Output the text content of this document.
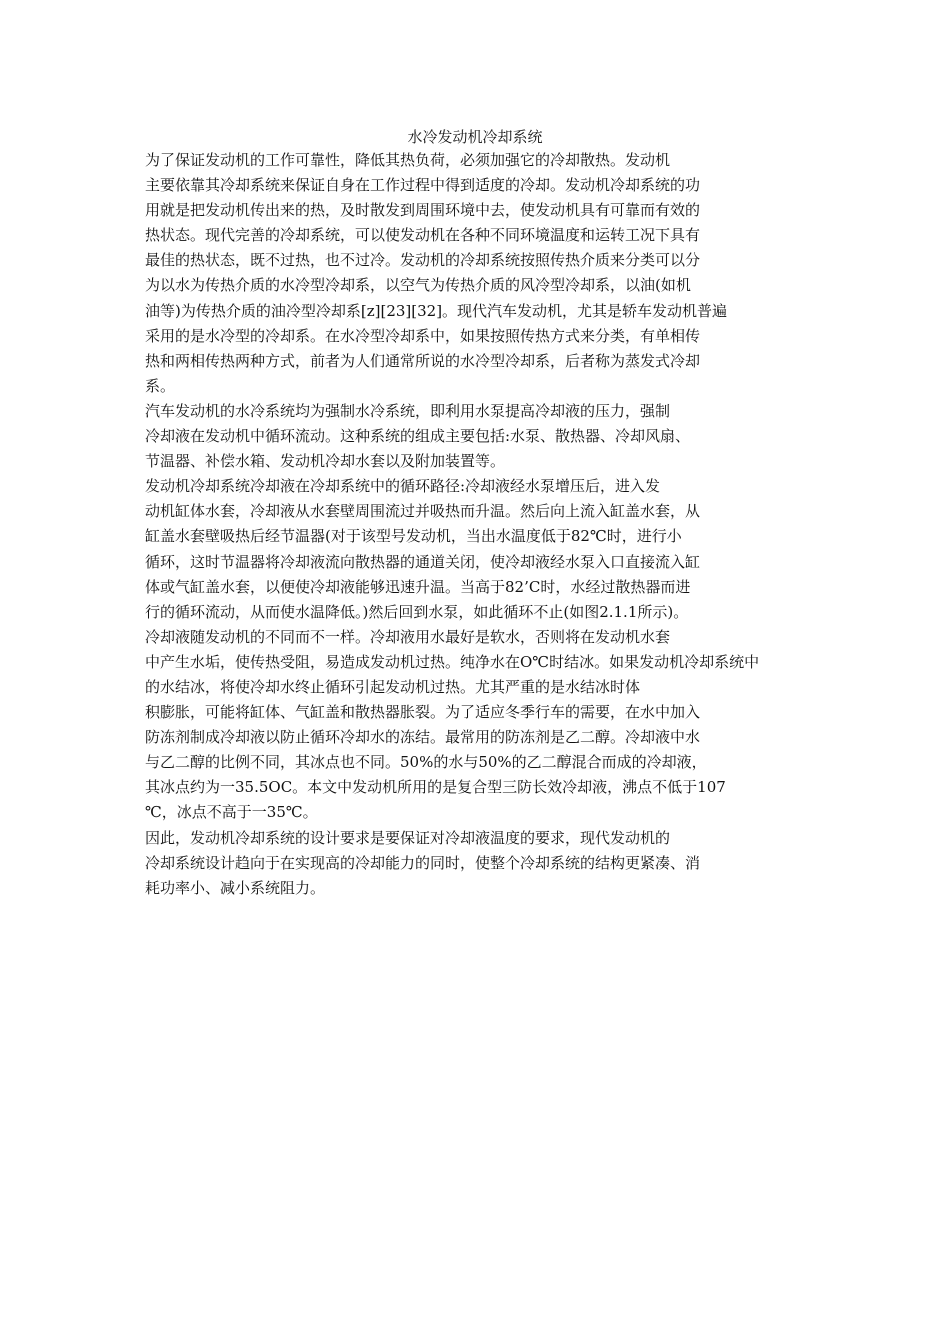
水冷发动机冷却系统
为了保证发动机的工作可靠性，降低其热负荷，必须加强它的冷却散热。发动机
主要依靠其冷却系统来保证自身在工作过程中得到适度的冷却。发动机冷却系统的功
用就是把发动机传出来的热，及时散发到周围环境中去，使发动机具有可靠而有效的
热状态。现代完善的冷却系统，可以使发动机在各种不同环境温度和运转工况下具有
最佳的热状态，既不过热，也不过冷。发动机的冷却系统按照传热介质来分类可以分
为以水为传热介质的水冷型冷却系，以空气为传热介质的风冷型冷却系，以油(如机
油等)为传热介质的油冷型冷却系[z][23][32]。现代汽车发动机，尤其是轿车发动机普遍
采用的是水冷型的冷却系。在水冷型冷却系中，如果按照传热方式来分类，有单相传
热和两相传热两种方式，前者为人们通常所说的水冷型冷却系，后者称为蒸发式冷却
系。
汽车发动机的水冷系统均为强制水冷系统，即利用水泵提高冷却液的压力，强制
冷却液在发动机中循环流动。这种系统的组成主要包括:水泵、散热器、冷却风扇、
节温器、补偿水箱、发动机冷却水套以及附加装置等。
发动机冷却系统冷却液在冷却系统中的循环路径:冷却液经水泵增压后，进入发
动机缸体水套，冷却液从水套壁周围流过并吸热而升温。然后向上流入缸盖水套，从
缸盖水套壁吸热后经节温器(对于该型号发动机，当出水温度低于82℃时，进行小
循环，这时节温器将冷却液流向散热器的通道关闭，使冷却液经水泵入口直接流入缸
体或气缸盖水套，以便使冷却液能够迅速升温。当高于82’C时，水经过散热器而进
行的循环流动，从而使水温降低。)然后回到水泵，如此循环不止(如图2.1.1所示)。
冷却液随发动机的不同而不一样。冷却液用水最好是软水，否则将在发动机水套
中产生水垢，使传热受阻，易造成发动机过热。纯净水在O℃时结冰。如果发动机冷却系统中
的水结冰，将使冷却水终止循环引起发动机过热。尤其严重的是水结冰时体
积膨胀，可能将缸体、气缸盖和散热器胀裂。为了适应冬季行车的需要，在水中加入
防冻剂制成冷却液以防止循环冷却水的冻结。最常用的防冻剂是乙二醇。冷却液中水
与乙二醇的比例不同，其冰点也不同。50%的水与50%的乙二醇混合而成的冷却液，
其冰点约为一35.5OC。本文中发动机所用的是复合型三防长效冷却液，沸点不低于107
℃，冰点不高于一35℃。
因此，发动机冷却系统的设计要求是要保证对冷却液温度的要求，现代发动机的
冷却系统设计趋向于在实现高的冷却能力的同时，使整个冷却系统的结构更紧凑、消
耗功率小、减小系统阻力。
